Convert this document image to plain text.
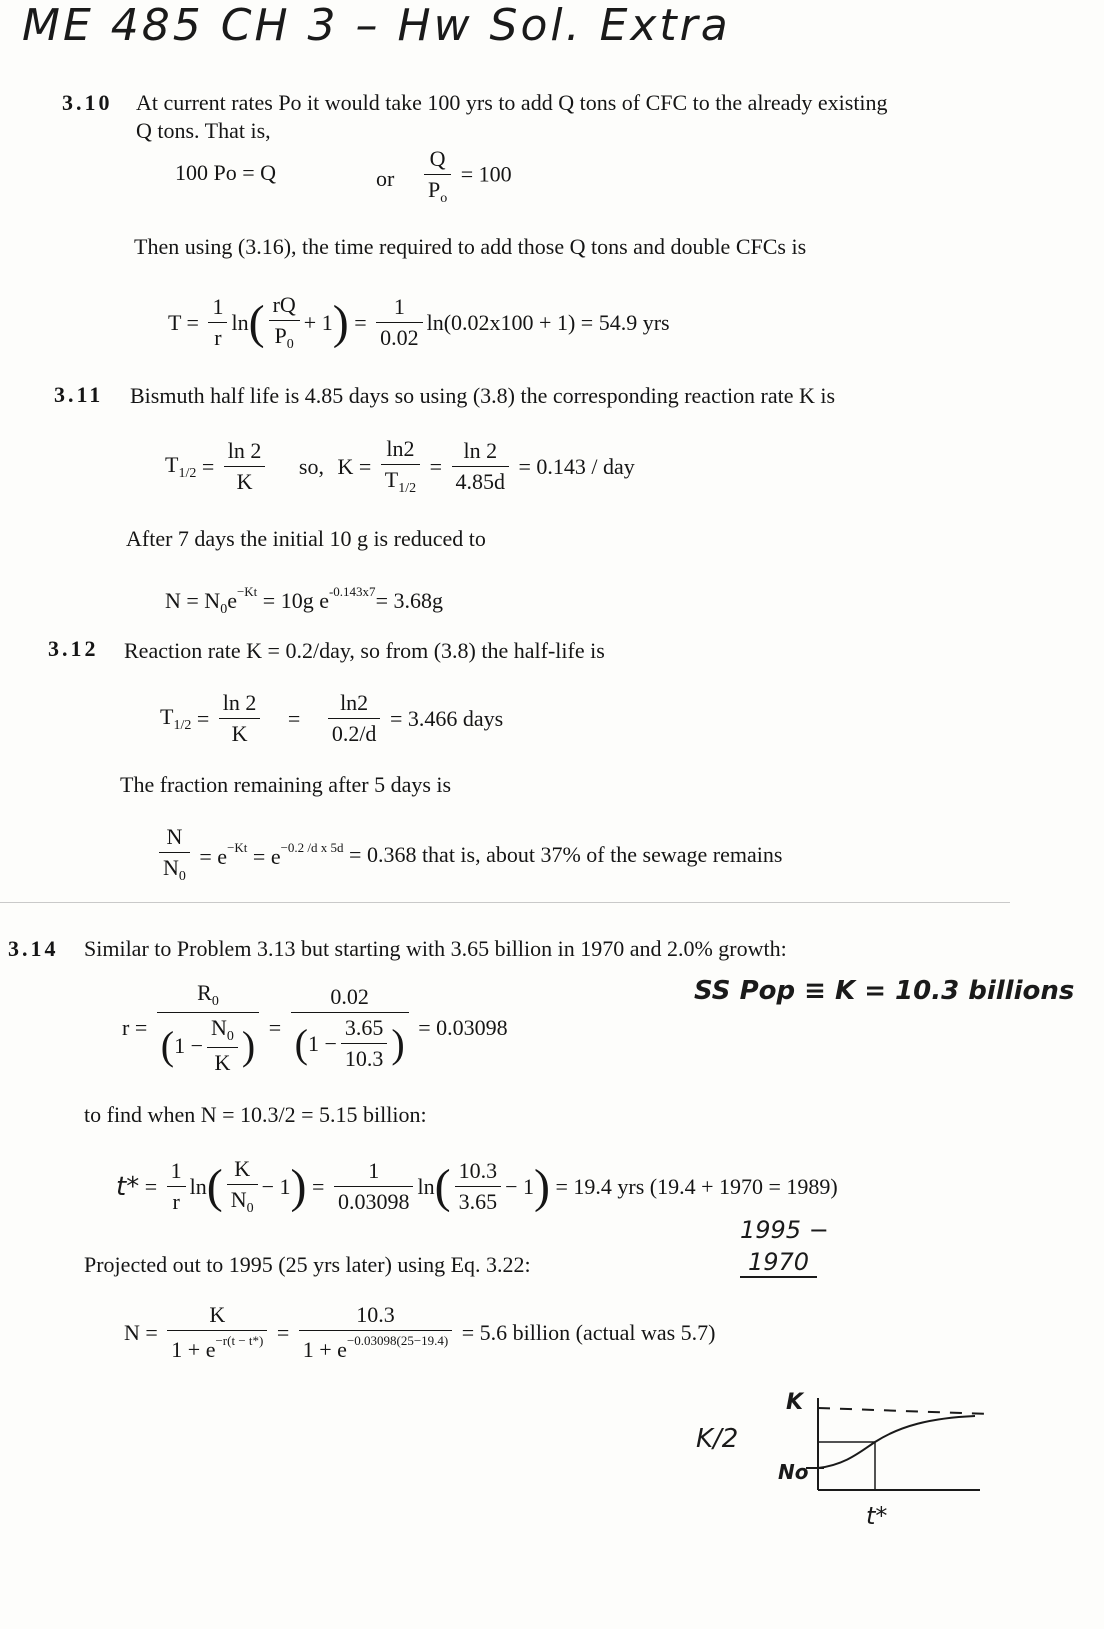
ME 485 CH 3 – Hw Sol. Extra
3.10 At current rates Po it would take 100 yrs to add Q tons of CFC to the already existing
Q tons. That is,
100 Po = Q	or $\frac{Q}{P_o} = 100$
Then using (3.16), the time required to add those Q tons and double CFCs is
$T = \frac{1}{r} \ln( \frac{rQ}{P_0} + 1) = \frac{1}{0.02} \ln(0.02x100 + 1) = 54.9$ yrs
3.11 Bismuth half life is 4.85 days so using (3.8) the corresponding reaction rate K is
$T_{1/2} = \frac{\ln 2}{K}$ so, $K = \frac{\ln 2}{T_{1/2}} = \frac{\ln 2}{4.85d} = 0.143$ / day
After 7 days the initial 10 g is reduced to
$N = N_0e^{-Kt} = 10g$ $e^{-0.143x7}= 3.68g$
3.12 Reaction rate K = 0.2/day, so from (3.8) the half-life is
$T_{1/2} = \frac{\ln 2}{K} = \frac{\ln 2}{0.2/d} = 3.466$ days
The fraction remaining after 5 days is
$\frac{N}{N_0} = e^{-Kt} = e^{-0.2 /d x 5d} = 0.368$ that is, about 37% of the sewage remains
3.14 Similar to Problem 3.13 but starting with 3.65 billion in 1970 and 2.0% growth:
SS Pop ≡ K = 10.3 billions
$r = \frac{R_0}{(1 - \frac{N_0}{K} )} = \frac{0.02}{(1 - \frac{3.65}{10.3} )} = 0.03098$
to find when N = 10.3/2 = 5.15 billion:
$t* = \frac{1}{r} \ln( \frac{K}{N_0} - 1) = \frac{1}{0.03098} \ln( \frac{10.3}{3.65} - 1) = 19.4$ yrs (19.4 + 1970 = 1989)
1995 −
1970
Projected out to 1995 (25 yrs later) using Eq. 3.22:
$N = \frac{K}{1 + e^{-r(t - t*)}} = \frac{10.3}{1 + e^{-0.03098(25-19.4)}} = 5.6$ billion (actual was 5.7)
K/2
K
No
t*
